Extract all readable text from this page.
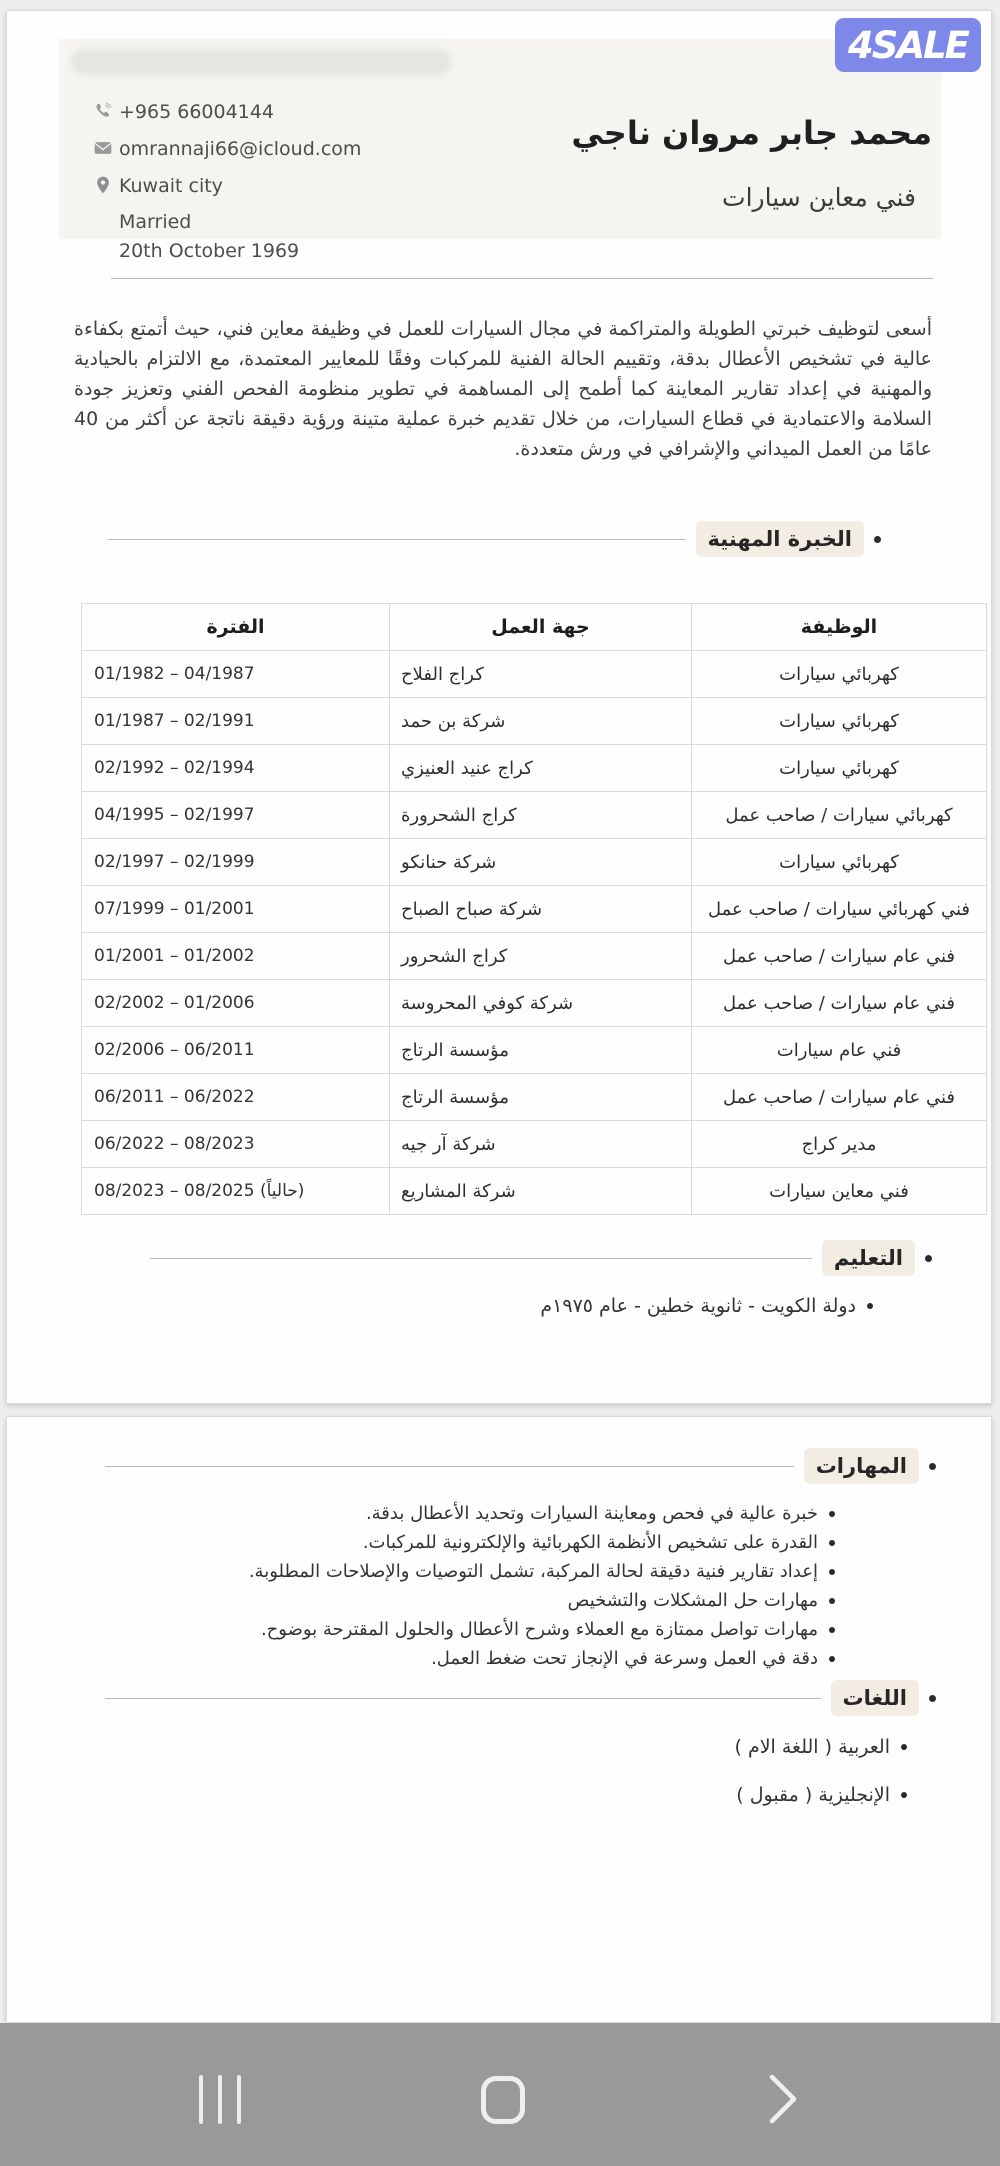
4SALE
+965 66004144
omrannaji66@icloud.com
Kuwait city
Married
20th October 1969
محمد جابر مروان ناجي
فني معاين سيارات
أسعى لتوظيف خبرتي الطويلة والمتراكمة في مجال السيارات للعمل في وظيفة معاين فني، حيث أتمتع بكفاءة عالية في تشخيص الأعطال بدقة، وتقييم الحالة الفنية للمركبات وفقًا للمعايير المعتمدة، مع الالتزام بالحيادية والمهنية في إعداد تقارير المعاينة كما أطمح إلى المساهمة في تطوير منظومة الفحص الفني وتعزيز جودة السلامة والاعتمادية في قطاع السيارات، من خلال تقديم خبرة عملية متينة ورؤية دقيقة ناتجة عن أكثر من 40 عامًا من العمل الميداني والإشرافي في ورش متعددة.
الخبرة المهنية
الوظيفة	جهة العمل	الفترة
كهربائي سيارات	كراج الفلاح	01/1982 – 04/1987
كهربائي سيارات	شركة بن حمد	01/1987 – 02/1991
كهربائي سيارات	كراج عنيد العنيزي	02/1992 – 02/1994
كهربائي سيارات / صاحب عمل	كراج الشحرورة	04/1995 – 02/1997
كهربائي سيارات	شركة حنانكو	02/1997 – 02/1999
فني كهربائي سيارات / صاحب عمل	شركة صباح الصباح	07/1999 – 01/2001
فني عام سيارات / صاحب عمل	كراج الشحرور	01/2001 – 01/2002
فني عام سيارات / صاحب عمل	شركة كوفي المحروسة	02/2002 – 01/2006
فني عام سيارات	مؤسسة الرتاج	02/2006 – 06/2011
فني عام سيارات / صاحب عمل	مؤسسة الرتاج	06/2011 – 06/2022
مدير كراج	شركة آر جيه	06/2022 – 08/2023
فني معاين سيارات	شركة المشاريع	08/2023 – 08/2025 (حالياً)
التعليم
دولة الكويت - ثانوية خطين - عام ١٩٧٥م
المهارات
خبرة عالية في فحص ومعاينة السيارات وتحديد الأعطال بدقة.
القدرة على تشخيص الأنظمة الكهربائية والإلكترونية للمركبات.
إعداد تقارير فنية دقيقة لحالة المركبة، تشمل التوصيات والإصلاحات المطلوبة.
مهارات حل المشكلات والتشخيص
مهارات تواصل ممتازة مع العملاء وشرح الأعطال والحلول المقترحة بوضوح.
دقة في العمل وسرعة في الإنجاز تحت ضغط العمل.
اللغات
العربية ( اللغة الام )
الإنجليزية ( مقبول )
